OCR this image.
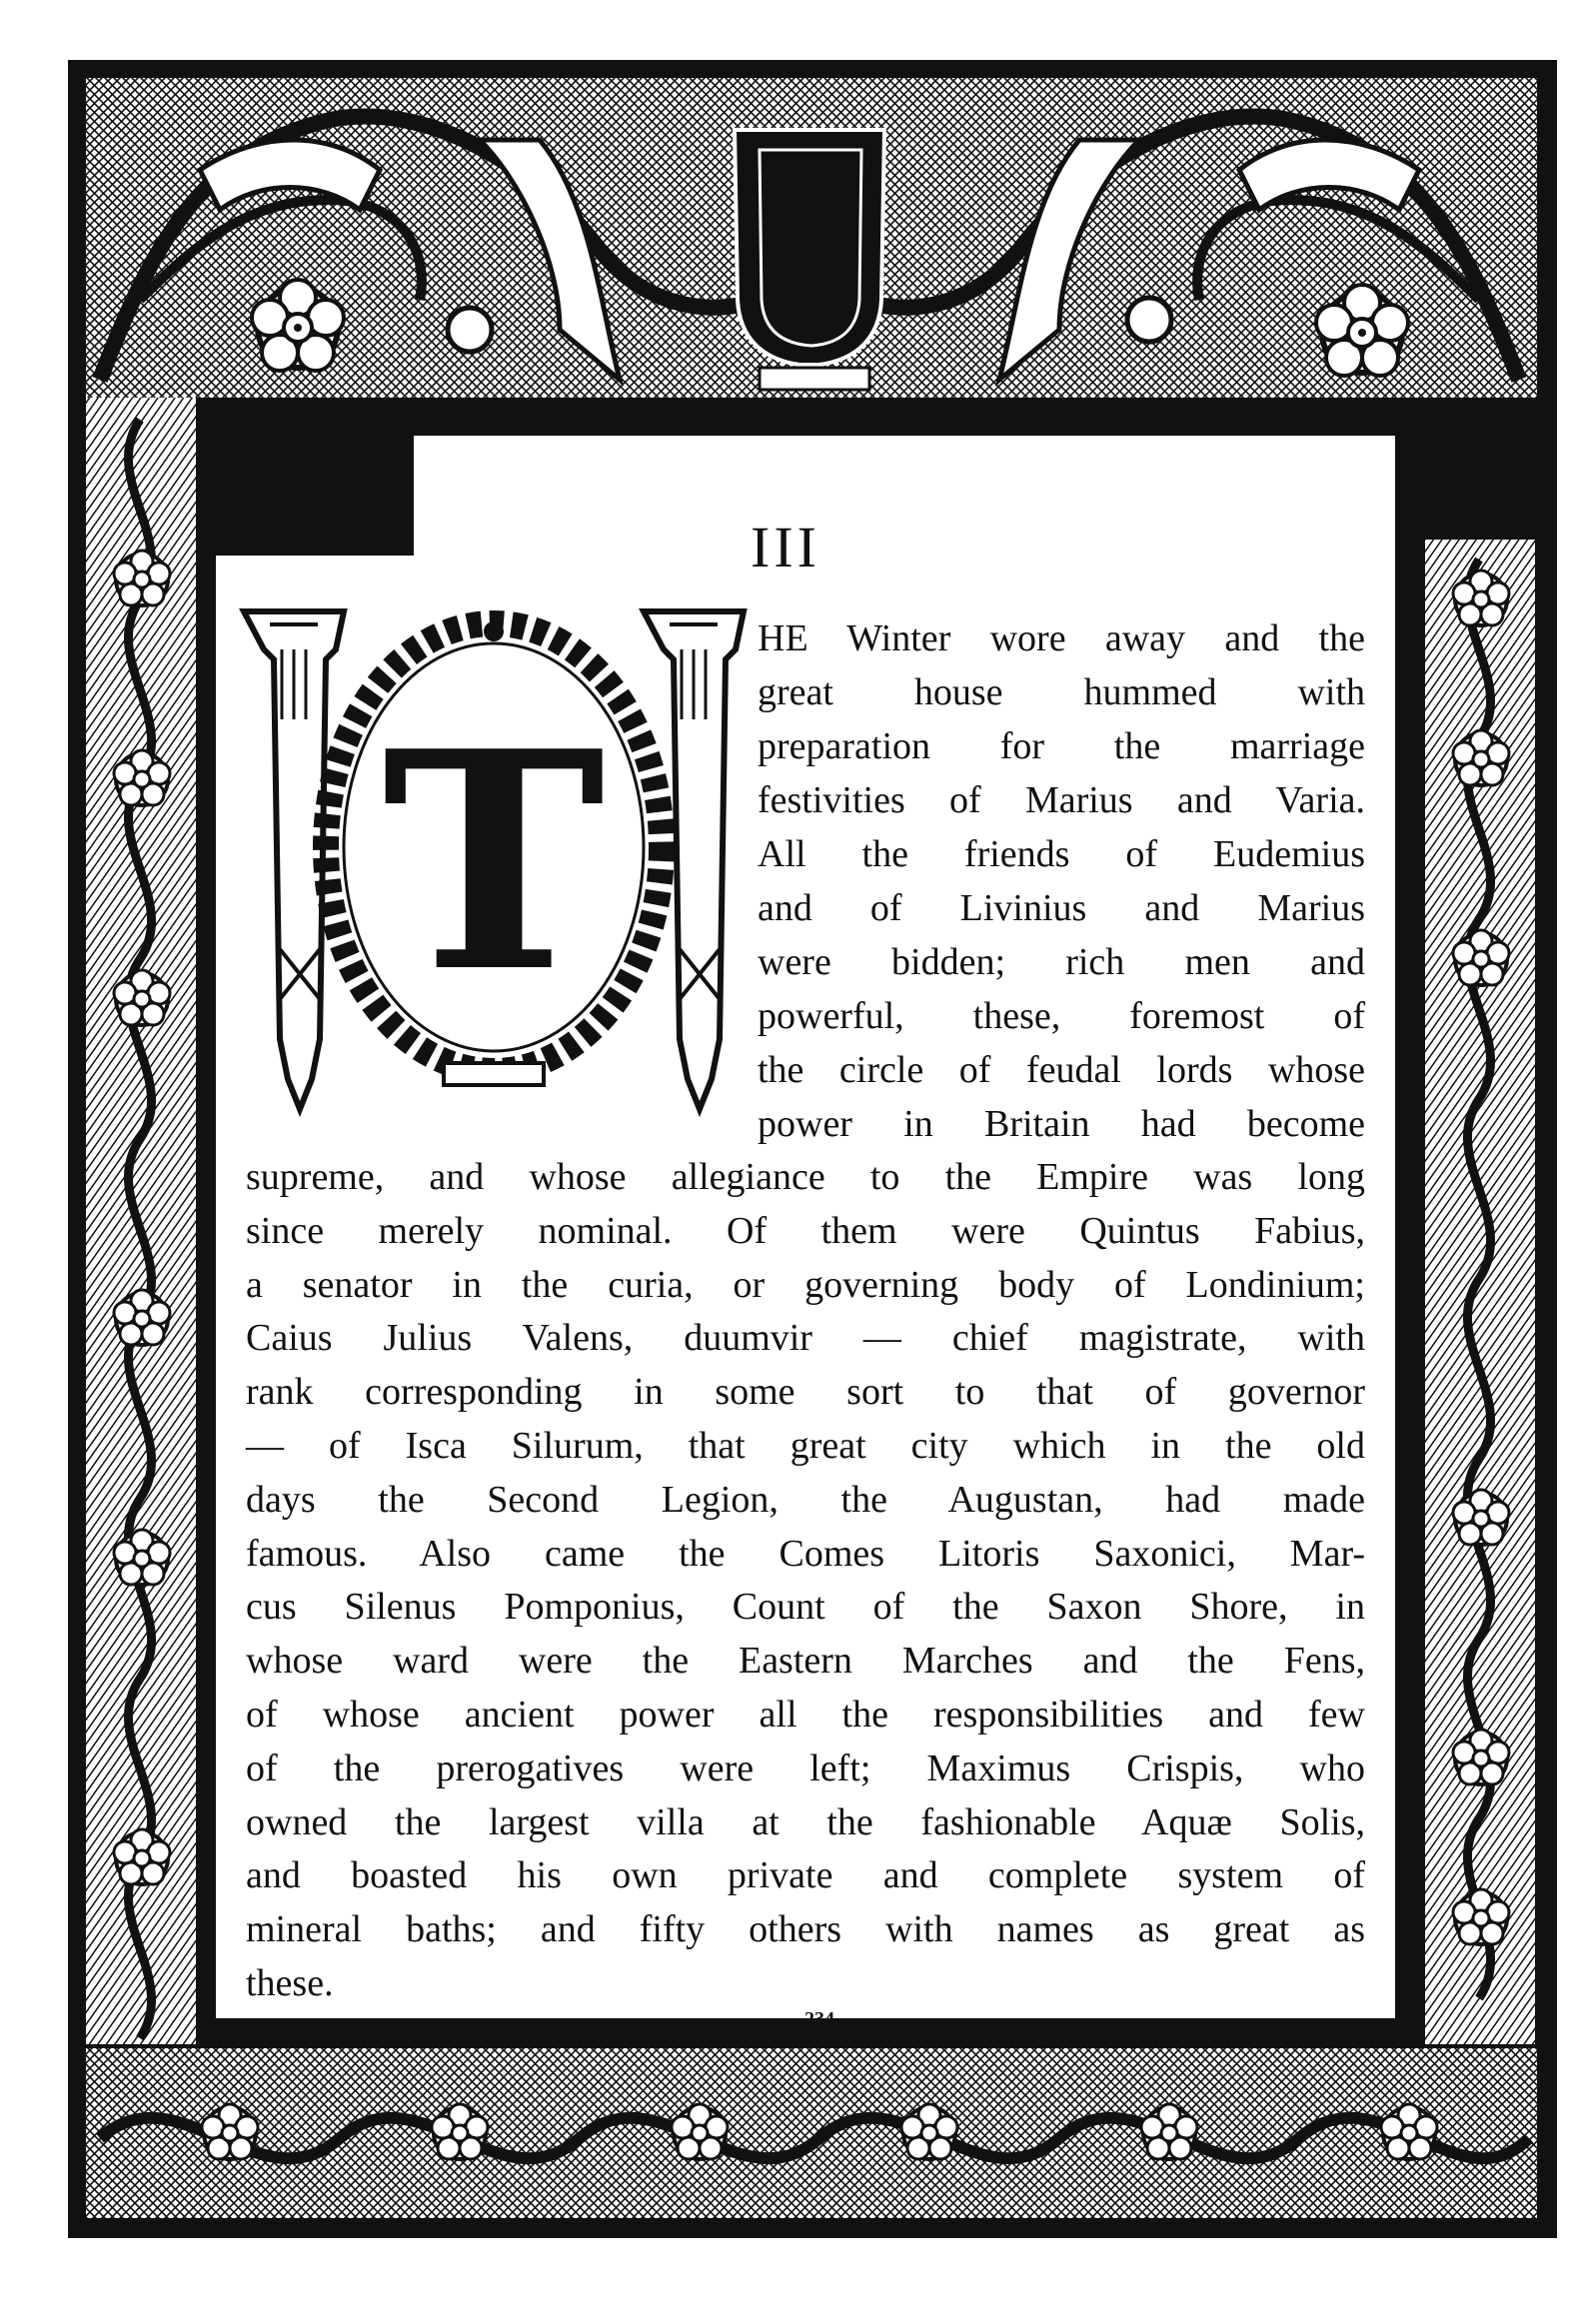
III
T
HE Winter wore away and the
great house hummed with
preparation for the marriage
festivities of Marius and Varia.
All the friends of Eudemius
and of Livinius and Marius
were bidden; rich men and
powerful, these, foremost of
the circle of feudal lords whose
power in Britain had become
supreme, and whose allegiance to the Empire was long
since merely nominal. Of them were Quintus Fabius,
a senator in the curia, or governing body of Londinium;
Caius Julius Valens, duumvir — chief magistrate, with
rank corresponding in some sort to that of governor
— of Isca Silurum, that great city which in the old
days the Second Legion, the Augustan, had made
famous. Also came the Comes Litoris Saxonici, Mar-
cus Silenus Pomponius, Count of the Saxon Shore, in
whose ward were the Eastern Marches and the Fens,
of whose ancient power all the responsibilities and few
of the prerogatives were left; Maximus Crispis, who
owned the largest villa at the fashionable Aquæ Solis,
and boasted his own private and complete system of
mineral baths; and fifty others with names as great as
these.
234
